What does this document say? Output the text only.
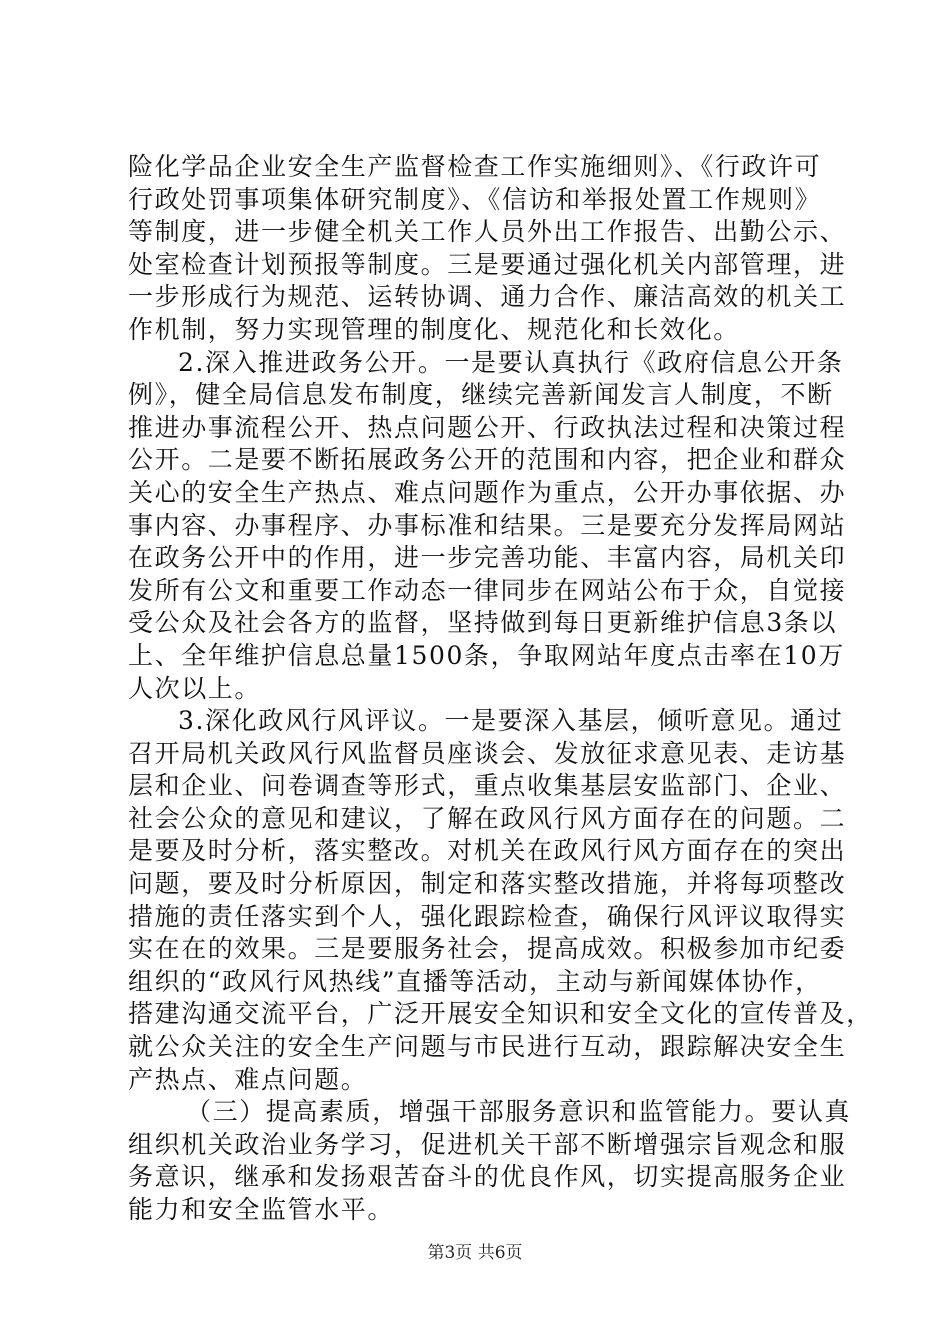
险化学品企业安全生产监督检查工作实施细则》、《行政许可
行政处罚事项集体研究制度》、《信访和举报处置工作规则》
等制度，进一步健全机关工作人员外出工作报告、出勤公示、
处室检查计划预报等制度。三是要通过强化机关内部管理，进
一步形成行为规范、运转协调、通力合作、廉洁高效的机关工
作机制，努力实现管理的制度化、规范化和长效化。
2.深入推进政务公开。一是要认真执行《政府信息公开条
例》，健全局信息发布制度，继续完善新闻发言人制度，不断
推进办事流程公开、热点问题公开、行政执法过程和决策过程
公开。二是要不断拓展政务公开的范围和内容，把企业和群众
关心的安全生产热点、难点问题作为重点，公开办事依据、办
事内容、办事程序、办事标准和结果。三是要充分发挥局网站
在政务公开中的作用，进一步完善功能、丰富内容，局机关印
发所有公文和重要工作动态一律同步在网站公布于众，自觉接
受公众及社会各方的监督，坚持做到每日更新维护信息3条以
上、全年维护信息总量1500条，争取网站年度点击率在10万
人次以上。
3.深化政风行风评议。一是要深入基层，倾听意见。通过
召开局机关政风行风监督员座谈会、发放征求意见表、走访基
层和企业、问卷调查等形式，重点收集基层安监部门、企业、
社会公众的意见和建议，了解在政风行风方面存在的问题。二
是要及时分析，落实整改。对机关在政风行风方面存在的突出
问题，要及时分析原因，制定和落实整改措施，并将每项整改
措施的责任落实到个人，强化跟踪检查，确保行风评议取得实
实在在的效果。三是要服务社会，提高成效。积极参加市纪委
组织的“政风行风热线”直播等活动，主动与新闻媒体协作，
搭建沟通交流平台，广泛开展安全知识和安全文化的宣传普及，
就公众关注的安全生产问题与市民进行互动，跟踪解决安全生
产热点、难点问题。
（三）提高素质，增强干部服务意识和监管能力。要认真
组织机关政治业务学习，促进机关干部不断增强宗旨观念和服
务意识，继承和发扬艰苦奋斗的优良作风，切实提高服务企业
能力和安全监管水平。
第3页 共6页
